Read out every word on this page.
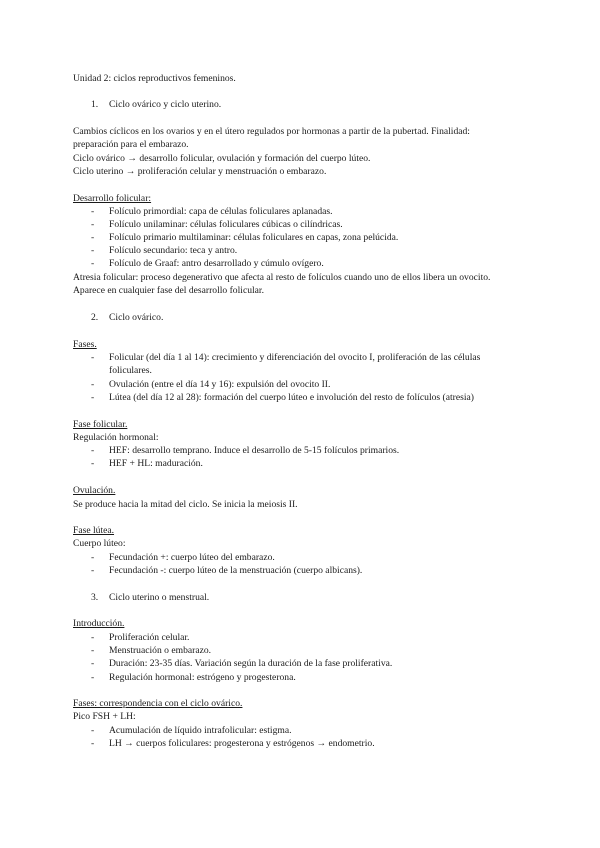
Unidad 2: ciclos reproductivos femeninos.
1. Ciclo ovárico y ciclo uterino.
Cambios cíclicos en los ovarios y en el útero regulados por hormonas a partir de la pubertad. Finalidad:
preparación para el embarazo.
Ciclo ovárico → desarrollo folicular, ovulación y formación del cuerpo lúteo.
Ciclo uterino → proliferación celular y menstruación o embarazo.
Desarrollo folicular:
- Folículo primordial: capa de células foliculares aplanadas.
- Folículo unilaminar: células foliculares cúbicas o cilíndricas.
- Folículo primario multilaminar: células foliculares en capas, zona pelúcida.
- Folículo secundario: teca y antro.
- Folículo de Graaf: antro desarrollado y cúmulo ovígero.
Atresia folicular: proceso degenerativo que afecta al resto de folículos cuando uno de ellos libera un ovocito.
Aparece en cualquier fase del desarrollo folicular.
2. Ciclo ovárico.
Fases.
- Folicular (del día 1 al 14): crecimiento y diferenciación del ovocito I, proliferación de las células
foliculares.
- Ovulación (entre el día 14 y 16): expulsión del ovocito II.
- Lútea (del día 12 al 28): formación del cuerpo lúteo e involución del resto de folículos (atresia)
Fase folicular.
Regulación hormonal:
- HEF: desarrollo temprano. Induce el desarrollo de 5-15 folículos primarios.
- HEF + HL: maduración.
Ovulación.
Se produce hacia la mitad del ciclo. Se inicia la meiosis II.
Fase lútea.
Cuerpo lúteo:
- Fecundación +: cuerpo lúteo del embarazo.
- Fecundación -: cuerpo lúteo de la menstruación (cuerpo albicans).
3. Ciclo uterino o menstrual.
Introducción.
- Proliferación celular.
- Menstruación o embarazo.
- Duración: 23-35 días. Variación según la duración de la fase proliferativa.
- Regulación hormonal: estrógeno y progesterona.
Fases: correspondencia con el ciclo ovárico.
Pico FSH + LH:
- Acumulación de líquido intrafolicular: estigma.
- LH → cuerpos foliculares: progesterona y estrógenos → endometrio.
